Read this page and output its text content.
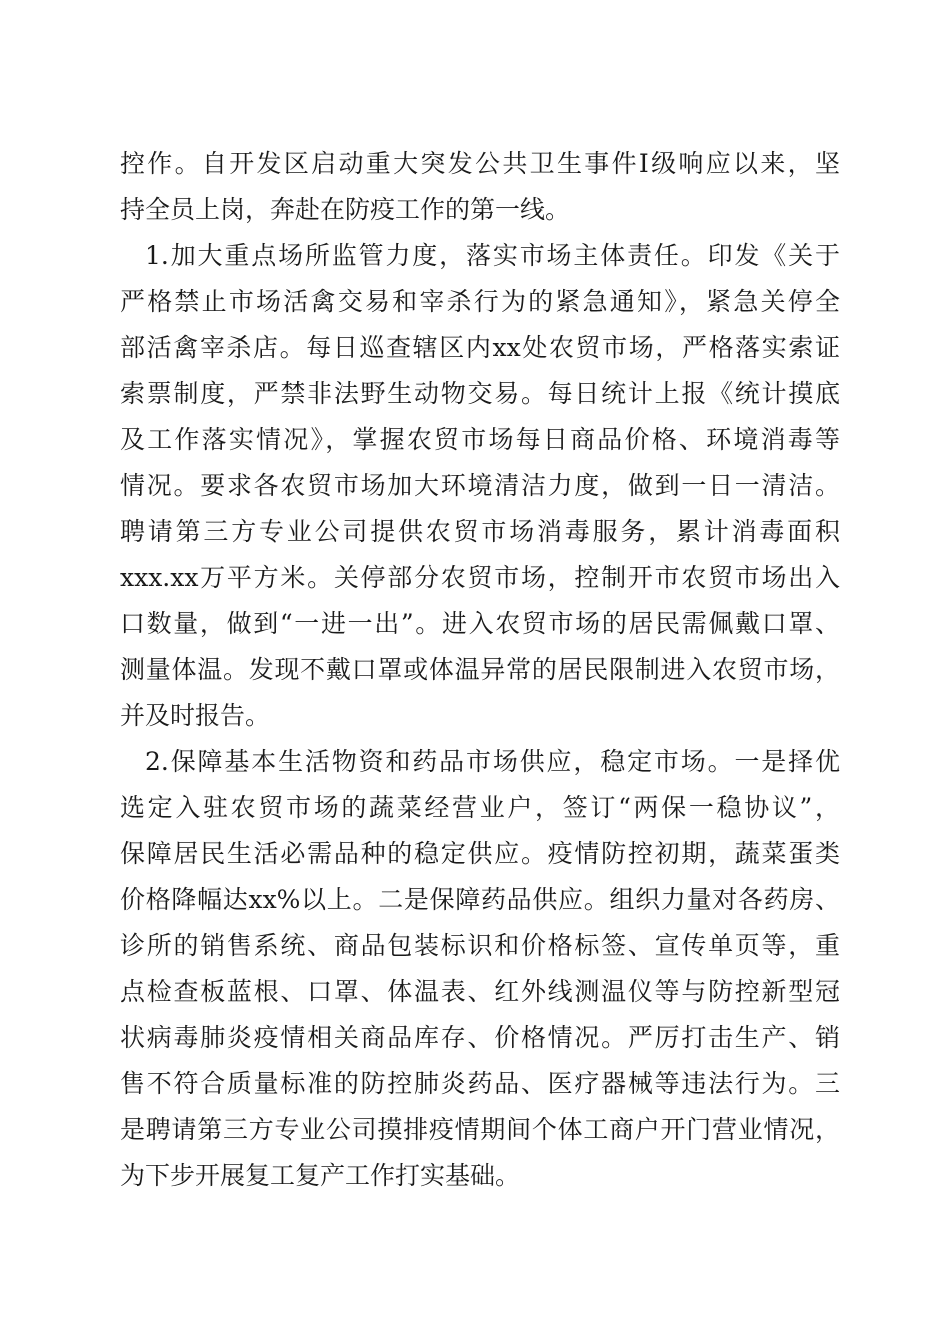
控作。自开发区启动重大突发公共卫生事件Ⅰ级响应以来，坚
持全员上岗，奔赴在防疫工作的第一线。
1.加大重点场所监管力度，落实市场主体责任。印发《关于
严格禁止市场活禽交易和宰杀行为的紧急通知》，紧急关停全
部活禽宰杀店。每日巡查辖区内xx处农贸市场，严格落实索证
索票制度，严禁非法野生动物交易。每日统计上报《统计摸底
及工作落实情况》，掌握农贸市场每日商品价格、环境消毒等
情况。要求各农贸市场加大环境清洁力度，做到一日一清洁。
聘请第三方专业公司提供农贸市场消毒服务，累计消毒面积
xxx.xx万平方米。关停部分农贸市场，控制开市农贸市场出入
口数量，做到“一进一出”。进入农贸市场的居民需佩戴口罩、
测量体温。发现不戴口罩或体温异常的居民限制进入农贸市场，
并及时报告。
2.保障基本生活物资和药品市场供应，稳定市场。一是择优
选定入驻农贸市场的蔬菜经营业户，签订“两保一稳协议”，
保障居民生活必需品种的稳定供应。疫情防控初期，蔬菜蛋类
价格降幅达xx%以上。二是保障药品供应。组织力量对各药房、
诊所的销售系统、商品包装标识和价格标签、宣传单页等，重
点检查板蓝根、口罩、体温表、红外线测温仪等与防控新型冠
状病毒肺炎疫情相关商品库存、价格情况。严厉打击生产、销
售不符合质量标准的防控肺炎药品、医疗器械等违法行为。三
是聘请第三方专业公司摸排疫情期间个体工商户开门营业情况，
为下步开展复工复产工作打实基础。
